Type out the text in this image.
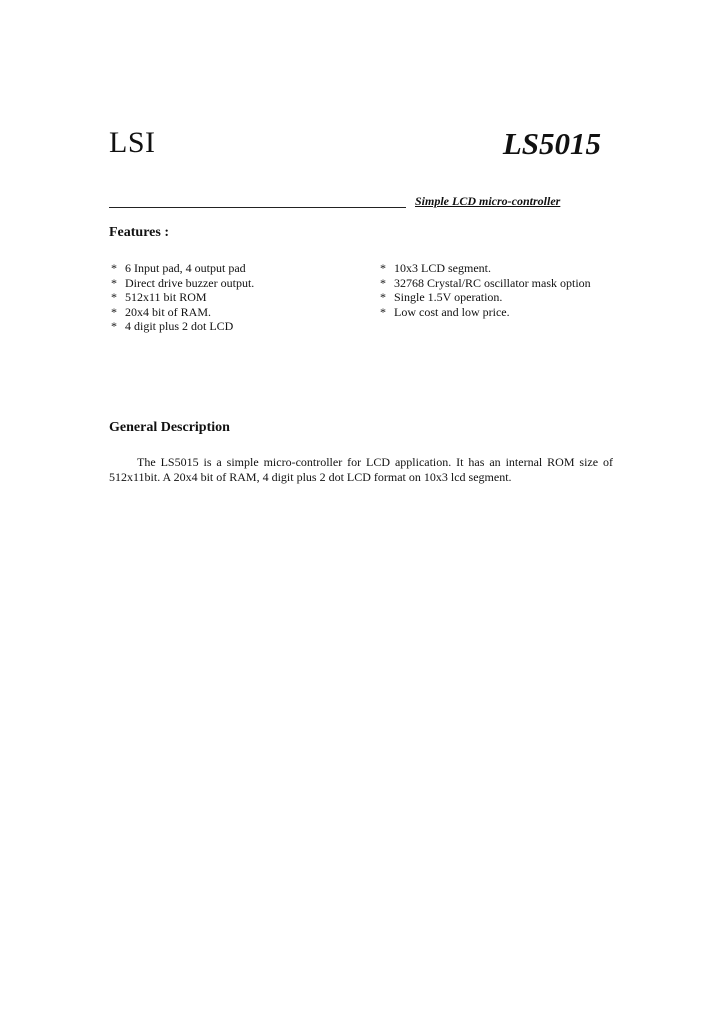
LSI	LS5015
Simple LCD micro-controller
Features :
* 6 Input pad, 4 output pad
* Direct drive buzzer output.
* 512x11 bit ROM
* 20x4 bit of RAM.
* 4 digit plus 2 dot LCD
* 10x3 LCD segment.
* 32768 Crystal/RC oscillator mask option
* Single 1.5V operation.
* Low cost and low price.
General Description

The LS5015 is a simple micro-controller for LCD application. It has an internal ROM size of 512x11bit. A 20x4 bit of RAM, 4 digit plus 2 dot LCD format on 10x3 lcd segment.
